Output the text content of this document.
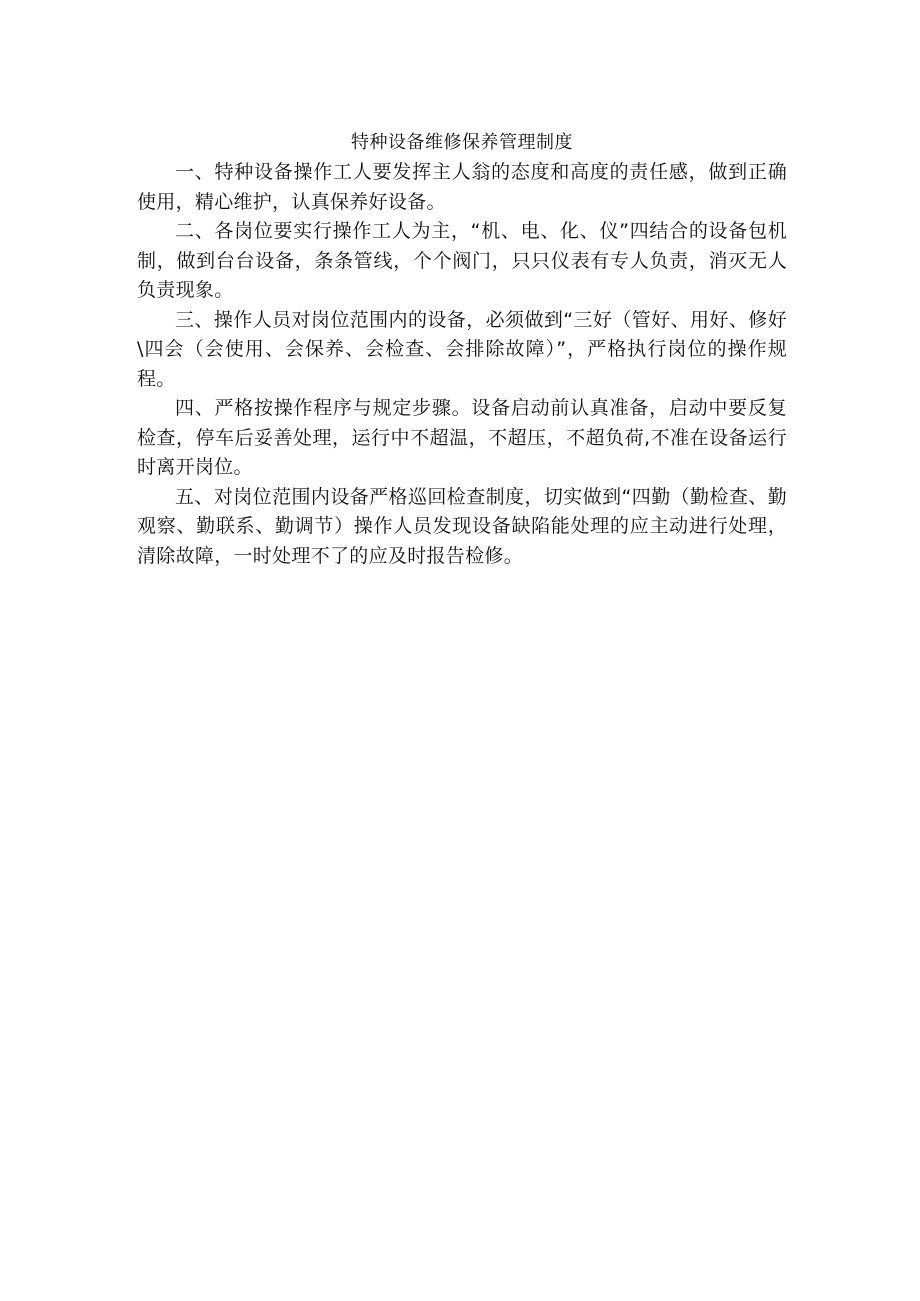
特种设备维修保养管理制度

一、特种设备操作工人要发挥主人翁的态度和高度的责任感，做到正确使用，精心维护，认真保养好设备。

二、各岗位要实行操作工人为主，“机、电、化、仪”四结合的设备包机制，做到台台设备，条条管线，个个阀门，只只仪表有专人负责，消灭无人负责现象。

三、操作人员对岗位范围内的设备，必须做到“三好（管好、用好、修好\四会（会使用、会保养、会检查、会排除故障）”，严格执行岗位的操作规程。

四、严格按操作程序与规定步骤。设备启动前认真准备，启动中要反复检查，停车后妥善处理，运行中不超温，不超压，不超负荷,不准在设备运行时离开岗位。

五、对岗位范围内设备严格巡回检查制度，切实做到“四勤（勤检查、勤观察、勤联系、勤调节）操作人员发现设备缺陷能处理的应主动进行处理，清除故障，一时处理不了的应及时报告检修。
